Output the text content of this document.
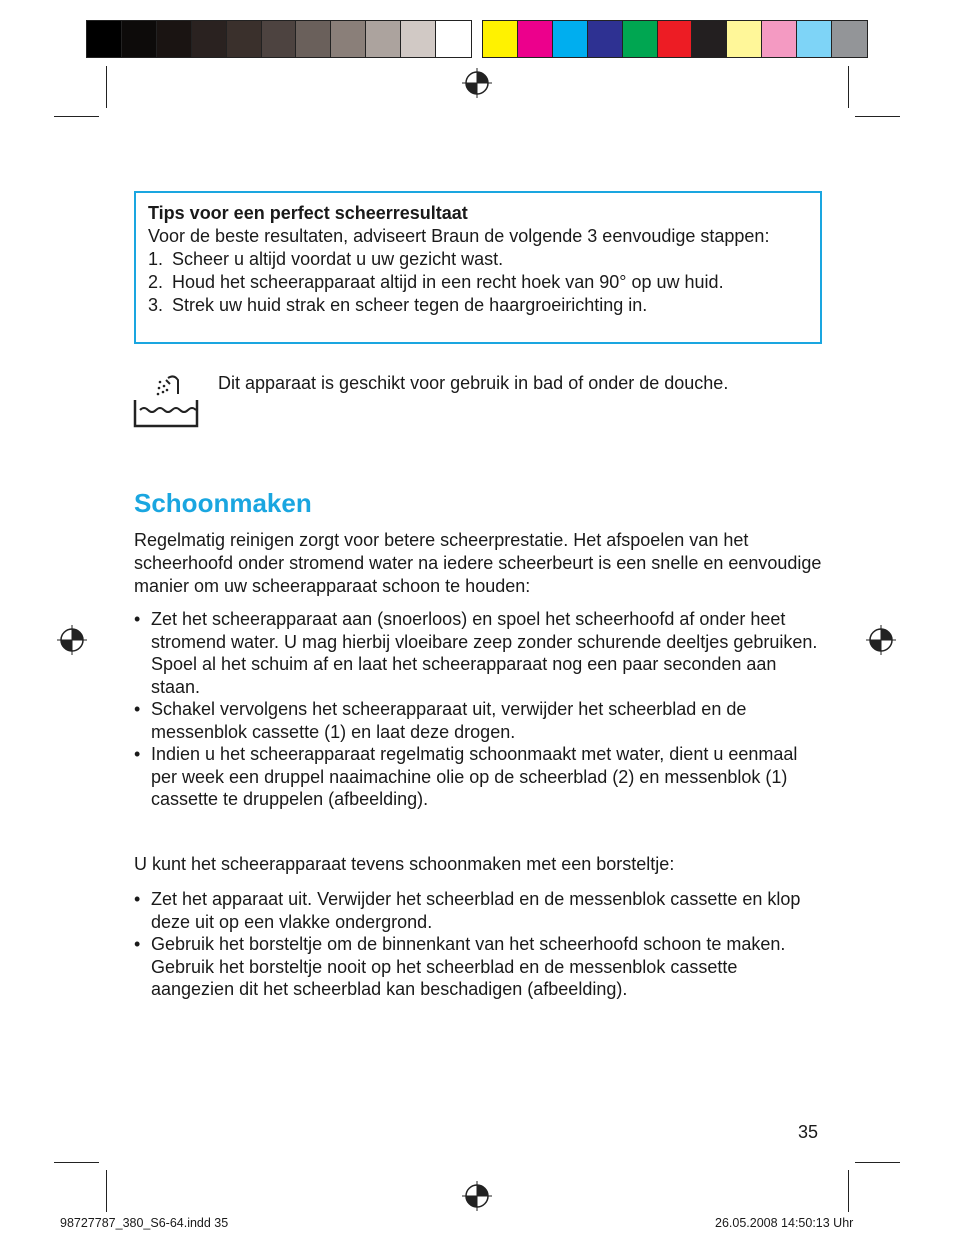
Tips voor een perfect scheerresultaat
Voor de beste resultaten, adviseert Braun de volgende 3 eenvoudige stappen:
1. Scheer u altijd voordat u uw gezicht wast.
2. Houd het scheerapparaat altijd in een recht hoek van 90° op uw huid.
3. Strek uw huid strak en scheer tegen de haargroeirichting in.
Dit apparaat is geschikt voor gebruik in bad of onder de douche.
Schoonmaken

Regelmatig reinigen zorgt voor betere scheerprestatie. Het afspoelen van het scheerhoofd onder stromend water na iedere scheerbeurt is een snelle en eenvoudige manier om uw scheerapparaat schoon te houden:

• Zet het scheerapparaat aan (snoerloos) en spoel het scheerhoofd af onder heet stromend water. U mag hierbij vloeibare zeep zonder schurende deeltjes gebruiken. Spoel al het schuim af en laat het scheerapparaat nog een paar seconden aan staan.
• Schakel vervolgens het scheerapparaat uit, verwijder het scheerblad en de messenblok cassette (1) en laat deze drogen.
• Indien u het scheerapparaat regelmatig schoonmaakt met water, dient u eenmaal per week een druppel naaimachine olie op de scheerblad (2) en messenblok (1) cassette te druppelen (afbeelding).

U kunt het scheerapparaat tevens schoonmaken met een borsteltje:

• Zet het apparaat uit. Verwijder het scheerblad en de messenblok cassette en klop deze uit op een vlakke ondergrond.
• Gebruik het borsteltje om de binnenkant van het scheerhoofd schoon te maken. Gebruik het borsteltje nooit op het scheerblad en de messenblok cassette aangezien dit het scheerblad kan beschadigen (afbeelding).
35
98727787_380_S6-64.indd 35	26.05.2008 14:50:13 Uhr
